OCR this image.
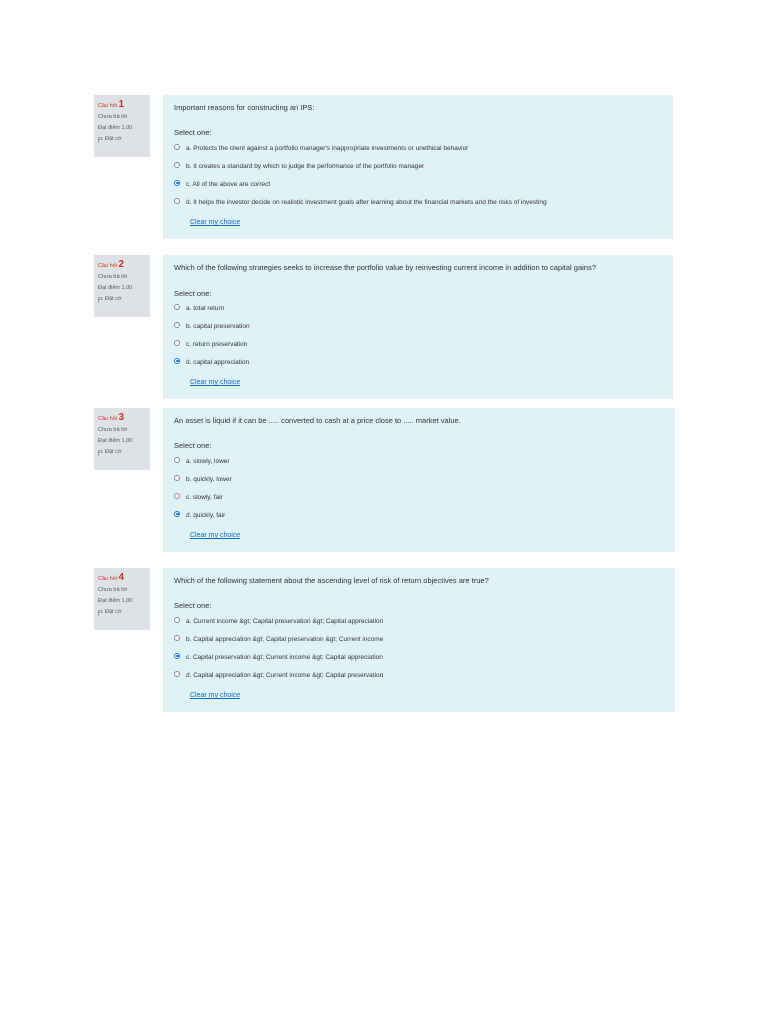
Câu hỏi 1
Chưa trả lời
Đạt điểm 1,00
Đặt cờ
Important reasons for constructing an IPS:
Select one:
a. Protects the client against a portfolio manager's inappropriate investments or unethical behavior
b. It creates a standard by which to judge the performance of the portfolio manager
c. All of the above are correct
d. It helps the investor decide on realistic investment goals after learning about the financial markets and the risks of investing
Clear my choice
Câu hỏi 2
Chưa trả lời
Đạt điểm 1,00
Đặt cờ
Which of the following strategies seeks to increase the portfolio value by reinvesting current income in addition to capital gains?
Select one:
a. total return
b. capital preservation
c. return preservation
d. capital appreciation
Clear my choice
Câu hỏi 3
Chưa trả lời
Đạt điểm 1,00
Đặt cờ
An asset is liquid if it can be ..... converted to cash at a price close to ..... market value.
Select one:
a. slowly, lower
b. quickly, lower
c. slowly, fair
d. quickly, fair
Clear my choice
Câu hỏi 4
Chưa trả lời
Đạt điểm 1,00
Đặt cờ
Which of the following statement about the ascending level of risk of return objectives are true?
Select one:
a. Current income &gt; Capital preservation &gt; Capital appreciation
b. Capital appreciation &gt; Capital preservation &gt; Current income
c. Capital preservation &gt; Current income &gt; Capital appreciation
d. Capital appreciation &gt; Current income &gt; Capital preservation
Clear my choice
